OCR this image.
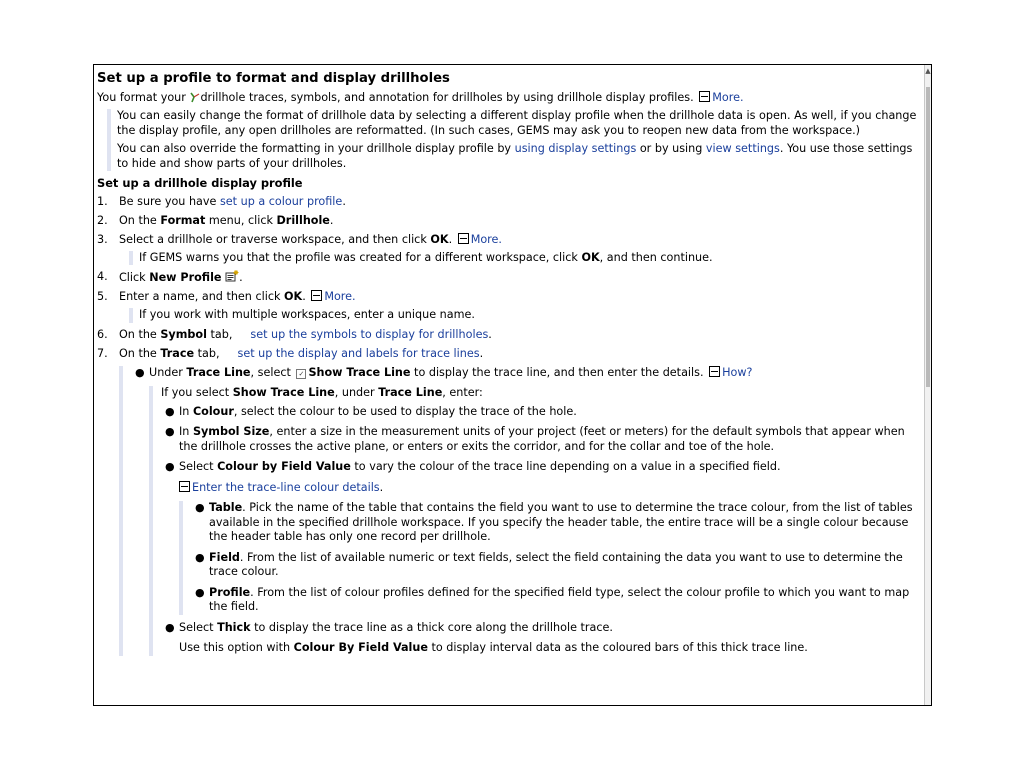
▲
Set up a profile to format and display drillholes

You format your drillhole traces, symbols, and annotation for drillholes by using drillhole display profiles. More.

You can easily change the format of drillhole data by selecting a different display profile when the drillhole data is open. As well, if you change the display profile, any open drillholes are reformatted. (In such cases, GEMS may ask you to reopen new data from the workspace.)

You can also override the formatting in your drillhole display profile by using display settings or by using view settings. You use those settings to hide and show parts of your drillholes.

Set up a drillhole display profile
1. Be sure you have set up a colour profile.
2. On the Format menu, click Drillhole.
3. Select a drillhole or traverse workspace, and then click OK. More.
If GEMS warns you that the profile was created for a different workspace, click OK, and then continue.
4. Click New Profile .
5. Enter a name, and then click OK. More.
If you work with multiple workspaces, enter a unique name.
6. On the Symbol tab, set up the symbols to display for drillholes.
7. On the Trace tab, set up the display and labels for trace lines.
● Under Trace Line, select ✓ Show Trace Line to display the trace line, and then enter the details. How?

If you select Show Trace Line, under Trace Line, enter:

● In Colour, select the colour to be used to display the trace of the hole.
● In Symbol Size, enter a size in the measurement units of your project (feet or meters) for the default symbols that appear when the drillhole crosses the active plane, or enters or exits the corridor, and for the collar and toe of the hole.
● Select Colour by Field Value to vary the colour of the trace line depending on a value in a specified field.
Enter the trace-line colour details.
● Table. Pick the name of the table that contains the field you want to use to determine the trace colour, from the list of tables available in the specified drillhole workspace. If you specify the header table, the entire trace will be a single colour because the header table has only one record per drillhole.
● Field. From the list of available numeric or text fields, select the field containing the data you want to use to determine the trace colour.
● Profile. From the list of colour profiles defined for the specified field type, select the colour profile to which you want to map the field.
● Select Thick to display the trace line as a thick core along the drillhole trace.
Use this option with Colour By Field Value to display interval data as the coloured bars of this thick trace line.
